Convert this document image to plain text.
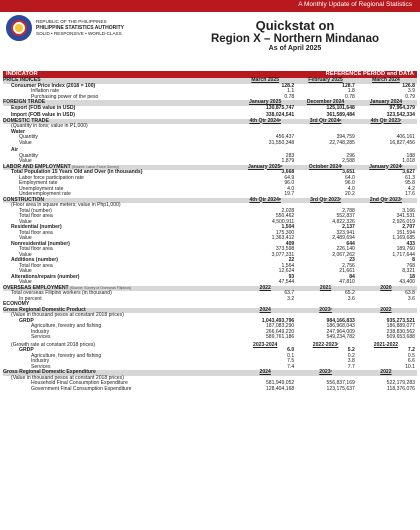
A Monthly Update of Regional Statistics
REPUBLIC OF THE PHILIPPINES
PHILIPPINE STATISTICS AUTHORITY
SOLID • RESPONSIVE • WORLD-CLASS
Quickstat on
Region X – Northern Mindanao
As of April 2025
INDICATOR	REFERENCE PERIOD and DATA
PRICE INDICES	March 2025	February 2025	March 2024
Consumer Price Index (2018 = 100)	128.2	128.7	126.8
Inflation rate	1.1	1.8	3.9
Purchasing power of the peso	0.78	0.78	0.79
FOREIGN TRADE	January 2025	December 2024	January 2024
Export (FOB value in USD)	130,875,747	125,101,648	97,964,379

Import (FOB value in USD)	338,024,541	361,589,484	323,542,334
DOMESTIC TRADE	4th Qtr 2024ᵖ	3rd Qtr 2024ᵖ	4th Qtr 2023ʳ
(Quantity in tons; value in P1,000)			
Water			
Quantity	456,437	394,759	406,161
Value	31,550,348	22,748,285	16,827,456

Air			
Quantity	283	296	188
Value	1,879	2,588	1,018
LABOR AND EMPLOYMENT (Source: Labor Force Survey)	January 2025ᵖ	October 2024ʳ	January 2024ʳ
Total Population 15 Years Old and Over (in thousands)	3,668	3,651	3,627
Labor force participation rate	64.9	64.0	61.3
Employment rate	96.0	96.0	95.8
Unemployment rate	4.0	4.0	4.2
Underemployment rate	19.7	20.2	17.6
CONSTRUCTION	4th Qtr 2024ᵖ	3rd Qtr 2023ʳ	2nd Qtr 2023ʳ
(Floor area in square meters; value in Php1,000)			
Total (number)	2,028	2,788	3,166
Total floor area	550,462	552,837	341,531
Value	4,500,911	4,822,326	2,926,019
Residential (number)	1,504	2,137	2,707
Total floor area	175,300	323,941	151,594
Value	1,363,412	2,489,694	1,169,685
Nonresidential (number)	409	644	433
Total floor area	373,598	226,140	189,760
Value	3,077,331	2,067,262	1,717,644
Additions (number)	22	23	8
Total floor area	1,564	2,756	768
Value	12,624	21,661	8,321
Alterations/repairs (number)	93	84	18
Value	47,544	47,810	43,400
OVERSEAS EMPLOYMENT (Source: Survey of Overseas Filipinos)	2022	2021	2020
Total overseas Filipino workers (in thousand)	63.7	65.2	63.8
In percent	3.2	3.6	3.6
ECONOMY			
Gross Regional Domestic Product	2024	2023ʳ	2022
(Value in thousand pesos at constant 2018 prices)			
GRDP	1,043,493,796	984,166,833	935,273,521
Agriculture, forestry and fishing	187,083,290	186,968,043	186,889,077
Industry	266,649,220	247,964,009	238,830,562
Services	589,761,186	549,234,782	509,653,688

(Growth rate at constant 2018 prices)	2023-2024	2022-2023ʳ	2021-2022
GRDP	6.0	5.2	7.2
Agriculture, forestry and fishing	0.1	0.2	0.5
Industry	7.5	3.8	6.6
Services	7.4	7.7	10.1
Gross Regional Domestic Expenditure	2024	2023ʳ	2022
(Value in thousand pesos at constant 2018 prices)			
Household Final Consumption Expenditure	581,949,052	556,837,169	522,179,283
Government Final Consumption Expenditure	128,404,168	123,175,637	118,376,076
